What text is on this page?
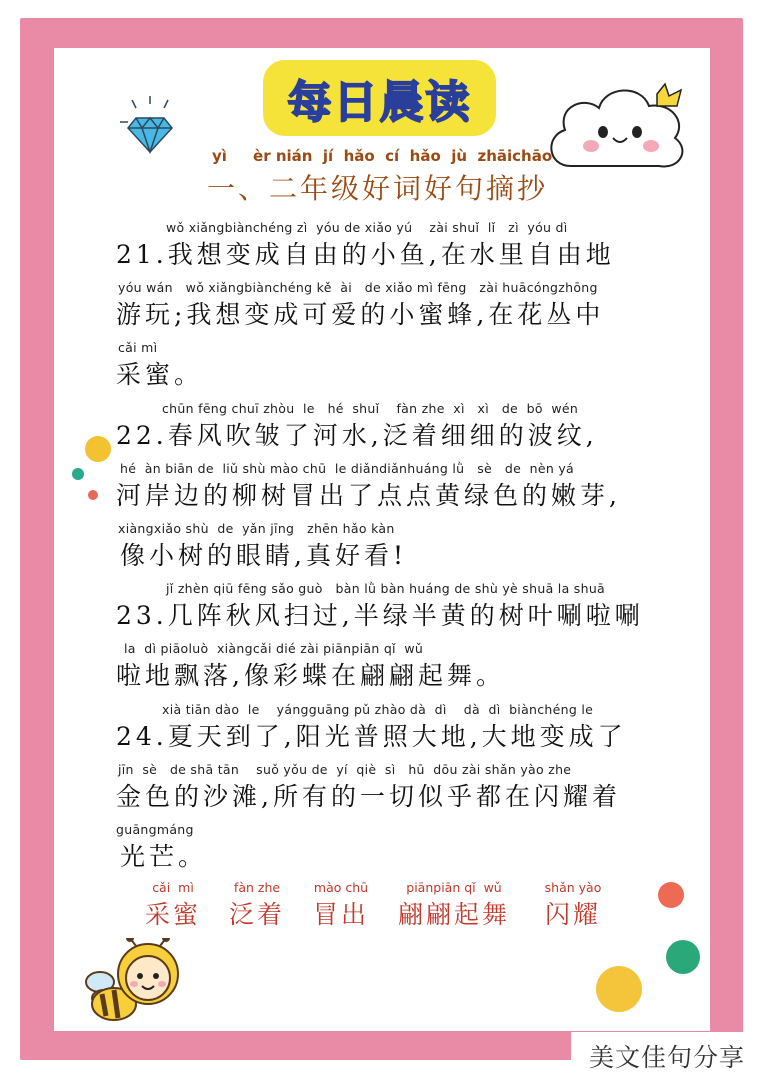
每日晨读
yì     èr nián  jí  hǎo  cí  hǎo  jù  zhāichāo
一、二年级好词好句摘抄
wǒ xiǎngbiànchéng zì  yóu de xiǎo yú    zài shuǐ  lǐ   zì  yóu dì
21.我想变成自由的小鱼,在水里自由地
yóu wán   wǒ xiǎngbiànchéng kě  ài   de xiǎo mì fēng   zài huācóngzhōng
游玩;我想变成可爱的小蜜蜂,在花丛中
cǎi mì
采蜜。
chūn fēng chuī zhòu  le   hé  shuǐ    fàn zhe  xì   xì   de  bō  wén
22.春风吹皱了河水,泛着细细的波纹,
hé  àn biān de  liǔ shù mào chū  le diǎndiǎnhuáng lǜ   sè   de  nèn yá
河岸边的柳树冒出了点点黄绿色的嫩芽,
xiàngxiǎo shù  de  yǎn jīng   zhēn hǎo kàn
像小树的眼睛,真好看!
jǐ zhèn qiū fēng sǎo guò   bàn lǜ bàn huáng de shù yè shuā la shuā
23.几阵秋风扫过,半绿半黄的树叶唰啦唰
la  dì piāoluò  xiàngcǎi dié zài piānpiān qǐ  wǔ
啦地飘落,像彩蝶在翩翩起舞。
xià tiān dào  le    yángguāng pǔ zhào dà  dì    dà  dì  biànchéng le
24.夏天到了,阳光普照大地,大地变成了
jīn  sè   de shā tān    suǒ yǒu de  yí  qiè  sì   hū  dōu zài shǎn yào zhe
金色的沙滩,所有的一切似乎都在闪耀着
guāngmáng
光芒。
cǎi  mì
采蜜
fàn zhe
泛着
mào chū
冒出
piānpiān qǐ  wǔ
翩翩起舞
shǎn yào
闪耀
美文佳句分享
